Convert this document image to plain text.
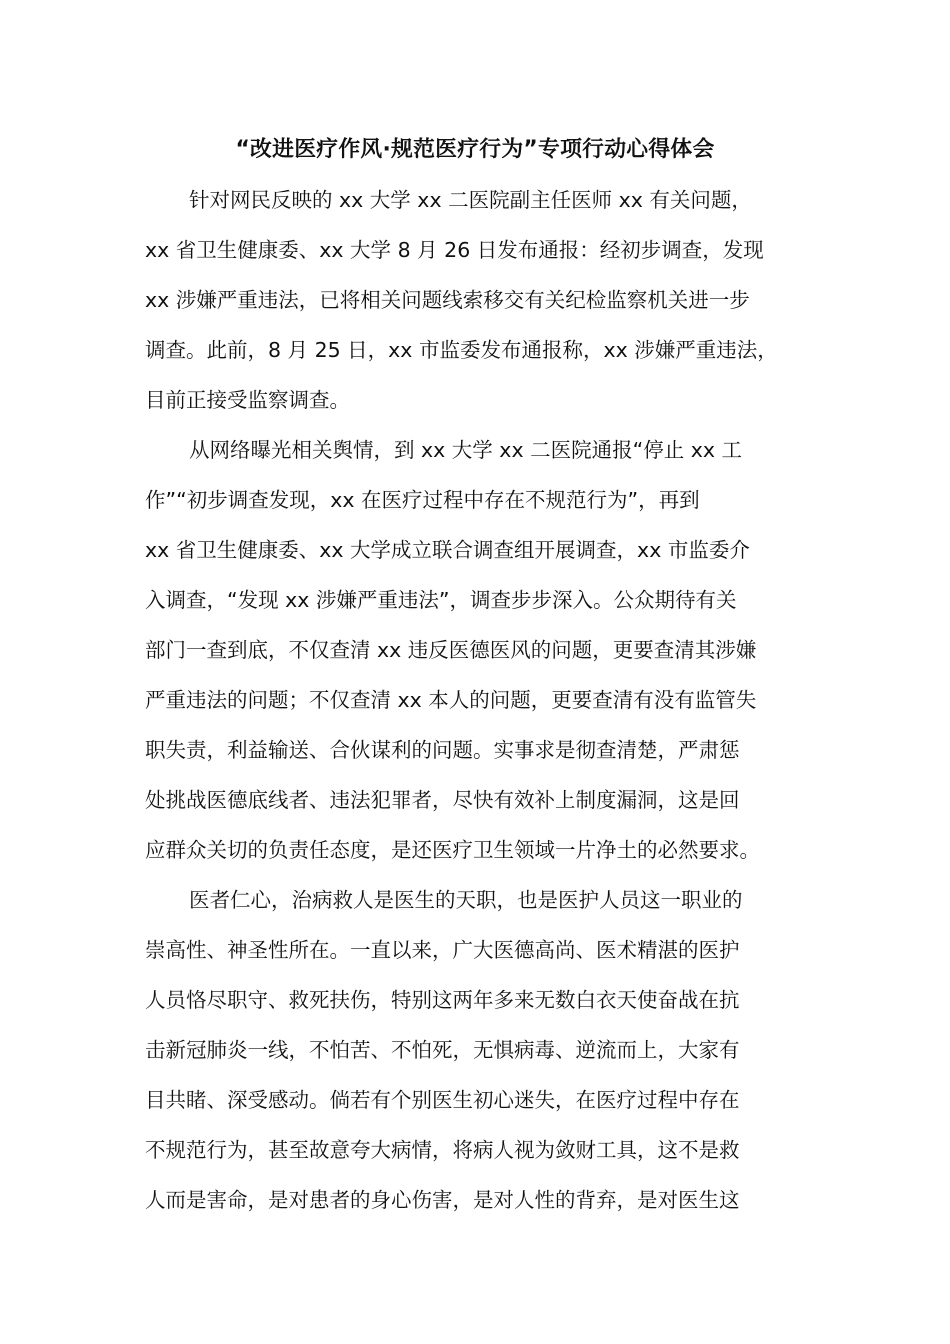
“改进医疗作风·规范医疗行为”专项行动心得体会
针对网民反映的 xx 大学 xx 二医院副主任医师 xx 有关问题，
xx 省卫生健康委、xx 大学 8 月 26 日发布通报：经初步调查，发现
xx 涉嫌严重违法，已将相关问题线索移交有关纪检监察机关进一步
调查。此前，8 月 25 日，xx 市监委发布通报称，xx 涉嫌严重违法，
目前正接受监察调查。
从网络曝光相关舆情，到 xx 大学 xx 二医院通报“停止 xx 工
作”“初步调查发现，xx 在医疗过程中存在不规范行为”，再到
xx 省卫生健康委、xx 大学成立联合调查组开展调查，xx 市监委介
入调查，“发现 xx 涉嫌严重违法”，调查步步深入。公众期待有关
部门一查到底，不仅查清 xx 违反医德医风的问题，更要查清其涉嫌
严重违法的问题；不仅查清 xx 本人的问题，更要查清有没有监管失
职失责，利益输送、合伙谋利的问题。实事求是彻查清楚，严肃惩
处挑战医德底线者、违法犯罪者，尽快有效补上制度漏洞，这是回
应群众关切的负责任态度，是还医疗卫生领域一片净土的必然要求。
医者仁心，治病救人是医生的天职，也是医护人员这一职业的
崇高性、神圣性所在。一直以来，广大医德高尚、医术精湛的医护
人员恪尽职守、救死扶伤，特别这两年多来无数白衣天使奋战在抗
击新冠肺炎一线，不怕苦、不怕死，无惧病毒、逆流而上，大家有
目共睹、深受感动。倘若有个别医生初心迷失，在医疗过程中存在
不规范行为，甚至故意夸大病情，将病人视为敛财工具，这不是救
人而是害命，是对患者的身心伤害，是对人性的背弃，是对医生这
